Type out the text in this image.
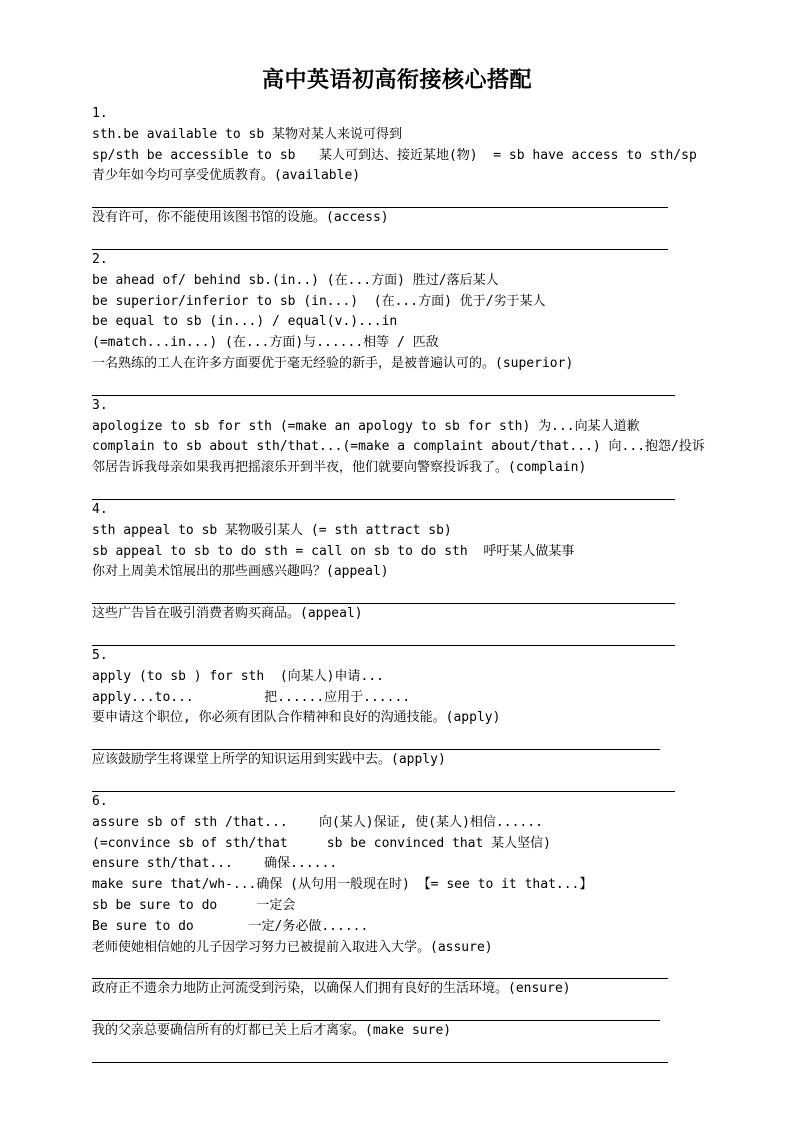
高中英语初高衔接核心搭配
1.
sth.be available to sb 某物对某人来说可得到
sp/sth be accessible to sb   某人可到达、接近某地(物)  = sb have access to sth/sp
青少年如今均可享受优质教育。(available)
没有许可，你不能使用该图书馆的设施。(access)
2.
be ahead of/ behind sb.(in..) (在...方面) 胜过/落后某人
be superior/inferior to sb (in...)  (在...方面) 优于/劣于某人
be equal to sb (in...) / equal(v.)...in
(=match...in...) (在...方面)与......相等 / 匹敌
一名熟练的工人在许多方面要优于毫无经验的新手，是被普遍认可的。(superior)
3.
apologize to sb for sth (=make an apology to sb for sth) 为...向某人道歉
complain to sb about sth/that...(=make a complaint about/that...) 向...抱怨/投诉
邻居告诉我母亲如果我再把摇滚乐开到半夜，他们就要向警察投诉我了。(complain)
4.
sth appeal to sb 某物吸引某人 (= sth attract sb)
sb appeal to sb to do sth = call on sb to do sth  呼吁某人做某事
你对上周美术馆展出的那些画感兴趣吗？(appeal)
这些广告旨在吸引消费者购买商品。(appeal)
5.
apply (to sb ) for sth  (向某人)申请...
apply...to...         把......应用于......
要申请这个职位, 你必须有团队合作精神和良好的沟通技能。(apply)
应该鼓励学生将课堂上所学的知识运用到实践中去。(apply)
6.
assure sb of sth /that...    向(某人)保证, 使(某人)相信......
(=convince sb of sth/that     sb be convinced that 某人坚信)
ensure sth/that...    确保......
make sure that/wh-...确保 (从句用一般现在时) 【= see to it that...】
sb be sure to do     一定会
Be sure to do       一定/务必做......
老师使她相信她的儿子因学习努力已被提前入取进入大学。(assure)
政府正不遗余力地防止河流受到污染，以确保人们拥有良好的生活环境。(ensure)
我的父亲总要确信所有的灯都已关上后才离家。(make sure)
